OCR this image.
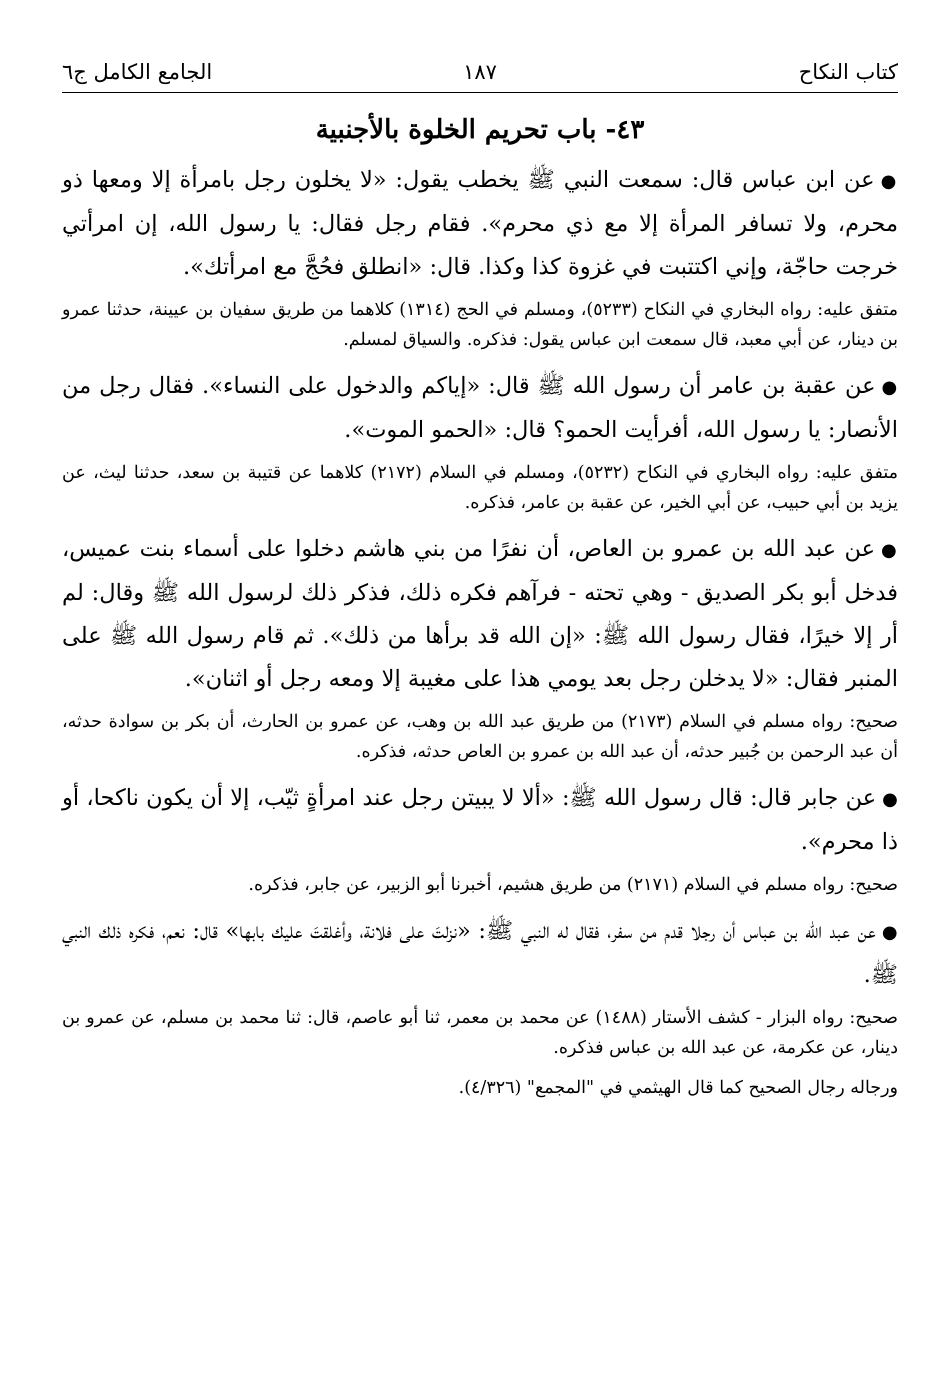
كتاب النكاح
١٨٧
الجامع الكامل ج٦
٤٣- باب تحريم الخلوة بالأجنبية

●عن ابن عباس قال: سمعت النبي ﷺ يخطب يقول: «لا يخلون رجل بامرأة إلا ومعها ذو محرم، ولا تسافر المرأة إلا مع ذي محرم». فقام رجل فقال: يا رسول الله، إن امرأتي خرجت حاجّة، وإني اكتتبت في غزوة كذا وكذا. قال: «انطلق فحُجَّ مع امرأتك».

متفق عليه: رواه البخاري في النكاح (٥٢٣٣)، ومسلم في الحج (١٣١٤) كلاهما من طريق سفيان بن عيينة، حدثنا عمرو بن دينار، عن أبي معبد، قال سمعت ابن عباس يقول: فذكره. والسياق لمسلم.

●عن عقبة بن عامر أن رسول الله ﷺ قال: «إياكم والدخول على النساء». فقال رجل من الأنصار: يا رسول الله، أفرأيت الحمو؟ قال: «الحمو الموت».

متفق عليه: رواه البخاري في النكاح (٥٢٣٢)، ومسلم في السلام (٢١٧٢) كلاهما عن قتيبة بن سعد، حدثنا ليث، عن يزيد بن أبي حبيب، عن أبي الخير، عن عقبة بن عامر، فذكره.

●عن عبد الله بن عمرو بن العاص، أن نفرًا من بني هاشم دخلوا على أسماء بنت عميس، فدخل أبو بكر الصديق - وهي تحته - فرآهم فكره ذلك، فذكر ذلك لرسول الله ﷺ وقال: لم أر إلا خيرًا، فقال رسول الله ﷺ: «إن الله قد برأها من ذلك». ثم قام رسول الله ﷺ على المنبر فقال: «لا يدخلن رجل بعد يومي هذا على مغيبة إلا ومعه رجل أو اثنان».

صحيح: رواه مسلم في السلام (٢١٧٣) من طريق عبد الله بن وهب، عن عمرو بن الحارث، أن بكر بن سوادة حدثه، أن عبد الرحمن بن جُبير حدثه، أن عبد الله بن عمرو بن العاص حدثه، فذكره.

●عن جابر قال: قال رسول الله ﷺ: «ألا لا يبيتن رجل عند امرأةٍ ثيّب، إلا أن يكون ناكحا، أو ذا محرم».

صحيح: رواه مسلم في السلام (٢١٧١) من طريق هشيم، أخبرنا أبو الزبير، عن جابر، فذكره.

●عن عبد الله بن عباس أن رجلا قدم من سفر، فقال له النبي ﷺ: «نزلتَ على فلانة، وأغلقتَ عليك بابها» قال: نعم، فكره ذلك النبي ﷺ.

صحيح: رواه البزار - كشف الأستار (١٤٨٨) عن محمد بن معمر، ثنا أبو عاصم، قال: ثنا محمد بن مسلم، عن عمرو بن دينار، عن عكرمة، عن عبد الله بن عباس فذكره.

ورجاله رجال الصحيح كما قال الهيثمي في "المجمع" (٤/٣٢٦).
